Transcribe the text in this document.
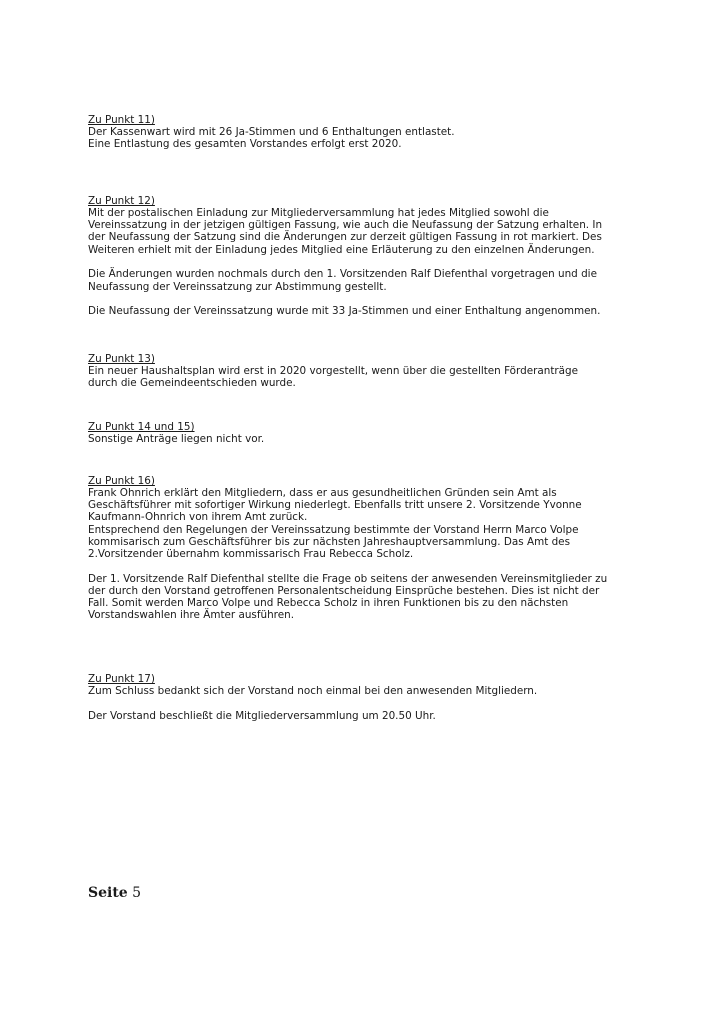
Zu Punkt 11)
Der Kassenwart wird mit 26 Ja-Stimmen und 6 Enthaltungen entlastet.
Eine Entlastung des gesamten Vorstandes erfolgt erst 2020.
Zu Punkt 12)
Mit der postalischen Einladung zur Mitgliederversammlung hat jedes Mitglied sowohl die
Vereinssatzung in der jetzigen gültigen Fassung, wie auch die Neufassung der Satzung erhalten. In
der Neufassung der Satzung sind die Änderungen zur derzeit gültigen Fassung in rot markiert. Des
Weiteren erhielt mit der Einladung jedes Mitglied eine Erläuterung zu den einzelnen Änderungen.
Die Änderungen wurden nochmals durch den 1. Vorsitzenden Ralf Diefenthal vorgetragen und die
Neufassung der Vereinssatzung zur Abstimmung gestellt.
Die Neufassung der Vereinssatzung wurde mit 33 Ja-Stimmen und einer Enthaltung angenommen.
Zu Punkt 13)
Ein neuer Haushaltsplan wird erst in 2020 vorgestellt, wenn über die gestellten Förderanträge
durch die Gemeindeentschieden wurde.
Zu Punkt 14 und 15)
Sonstige Anträge liegen nicht vor.
Zu Punkt 16)
Frank Ohnrich erklärt den Mitgliedern, dass er aus gesundheitlichen Gründen sein Amt als
Geschäftsführer mit sofortiger Wirkung niederlegt. Ebenfalls tritt unsere 2. Vorsitzende Yvonne
Kaufmann-Ohnrich von ihrem Amt zurück.
Entsprechend den Regelungen der Vereinssatzung bestimmte der Vorstand Herrn Marco Volpe
kommisarisch zum Geschäftsführer bis zur nächsten Jahreshauptversammlung. Das Amt des
2.Vorsitzender übernahm kommissarisch Frau Rebecca Scholz.
Der 1. Vorsitzende Ralf Diefenthal stellte die Frage ob seitens der anwesenden Vereinsmitglieder zu
der durch den Vorstand getroffenen Personalentscheidung Einsprüche bestehen. Dies ist nicht der
Fall. Somit werden Marco Volpe und Rebecca Scholz in ihren Funktionen bis zu den nächsten
Vorstandswahlen ihre Ämter ausführen.
Zu Punkt 17)
Zum Schluss bedankt sich der Vorstand noch einmal bei den anwesenden Mitgliedern.
Der Vorstand beschließt die Mitgliederversammlung um 20.50 Uhr.
Seite 5
